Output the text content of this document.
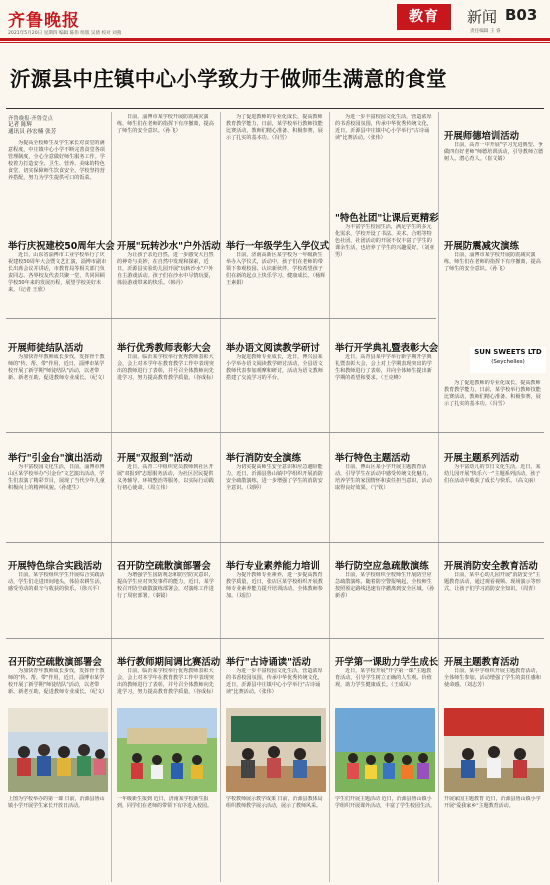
齐鲁晚报
2021年5月20日 星期四 编辑 陈伟 组版 吴倩 校对 刘燕
教育	新闻 B03
责任编辑 王 睿
沂源县中庄镇中心小学致力于做师生满意的食堂
齐鲁晚报·齐鲁壹点
记者 陈辉
通讯员 孙宏楠 张芳
为提高全校师生及学生家长对食堂的满意程度，中庄镇中心小学不断完善食堂各项管理制度，全心全意做好师生服务工作。学校着力打造安全、卫生、营养、美味的特色食堂，切实保障师生饮食安全。学校坚持营养搭配，努力为学生提供可口的饭菜。
举行庆祝建校50周年大会
近日，山东省淄博市工业学校举行了庆祝建校50周年大会暨文艺汇演，淄博市副市长出席会议并讲话，市教育局等相关部门负责同志、各界校友代表共聚一堂，共同回顾学校50年来的发展历程，展望学校美好未来。（记者 王欣）
日前，淄博市某学校开展防震减灾演练，师生们在老师的指挥下有序撤离，提高了师生的安全意识。（孙飞）
开展"玩转沙水"户外活动
为让孩子亲近自然，进一步感受大自然的神奇与美妙，在自然中发现和探索，近日，沂源县实验幼儿园开展"玩转沙水"户外自主游戏活动。孩子们在沙水中尽情玩耍，体验游戏带来的快乐。（韩丹）
为了促进教师的专业化成长，提高教师教育教学能力，日前，某学校举行教师技能比赛活动，教师们精心准备、积极参赛，展示了扎实的基本功。（冯雪）
举行一年级学生入学仪式
日前，济南高新区某学校为一年级新生举办入学仪式，活动中，孩子们在老师的带领下参观校园、认识新伙伴，学校希望孩子们在新的起点上快乐学习、健康成长。（杨辉 王素娟）
为进一步丰富校园文化生活，营造浓厚的书香校园氛围，传承中华优秀传统文化，近日，沂源县中庄镇中心小学举行"古诗诵读"比赛活动。（张伟）
"特色社团"让课后更精彩
为丰富学生校园生活，满足学生的多元化需求，学校开设了书法、美术、合唱等特色社团，社团活动的开展不仅丰富了学生的课余生活，也培养了学生的兴趣爱好。（刘亚男）
开展师德培训活动
日前，高青一中开展"学习先进典型、争做四有好老师"师德培训活动，引导教师立德树人、潜心育人。（崔文婧）
开展防震减灾演练
日前，淄博市某学校开展防震减灾演练，师生们在老师的指挥下有序撤离，提高了师生的安全意识。（孙飞）
SUN SWEETS LTD
(Seychelles)
开展师徒结队活动
为加快青年教师成长步伐，发挥骨干教师的"传、帮、带"作用，近日，淄博市某学校开展了新学期"师徒结队"活动，以老带新、新老互助，促进教师专业成长。（纪文）
举行优秀教师表彰大会
日前，临沂某学校举行优秀教师表彰大会，会上对本学年在教育教学工作中表现突出的教师进行了表彰，并号召全体教师向先进学习，努力提高教育教学质量。（谷成标）
举办语文阅读教学研讨
为促进教师专业成长，近日，博兴县某小学举办语文阅读教学研讨活动，全县语文教师代表参加观摩和研讨，活动为语文教师搭建了交流学习的平台。
举行开学典礼暨表彰大会
近日，高青县某中学举行新学期开学典礼暨表彰大会，会上对上学期表现突出的学生和教师进行了表彰，并向全体师生提出新学期的希望和要求。（王克峰）
为了促进教师的专业化成长，提高教师教育教学能力，日前，某学校举行教师技能比赛活动，教师们精心准备、积极参赛，展示了扎实的基本功。（冯雪）
举行"引金台"演出活动
为丰富校园文化生活，日前，淄博市博山区某学校举办"引金台"文艺演出活动，学生们表演了精彩节目，展现了当代少年儿童积极向上的精神风貌。（孙建生）
开展"双报到"活动
近日，高青二中组织党员教师到社区开展"双报到"志愿服务活动，为社区居民提供义务辅导、环境整治等服务，以实际行动践行初心使命。（周立伟）
举行消防安全演练
为切实提高师生安全意识和应急避险能力，近日，沂源县鲁山镇中学组织开展消防安全疏散演练，进一步增强了学生的消防安全意识。（刘婷）
举行特色主题活动
日前，博山区某小学开展主题教育活动，引导学生在活动中感受传统文化魅力，培养学生的家国情怀和责任担当意识，活动取得良好效果。（宁钦）
开展主题系列活动
为丰富幼儿的节日文化生活，近日，某幼儿园开展"快乐六一"主题系列活动，孩子们在活动中收获了成长与快乐。（高文丽）
开展特色综合实践活动
日前，某学校组织学生开展综合实践活动，学生们走进田间地头，体验农耕生活，感受劳动的艰辛与收获的快乐。（徐兴平）
召开防空疏散演部署会
为增强学生国防观念和防空防灾意识，提高学生应对突发事件的能力，近日，某学校召开防空疏散演练部署会，对演练工作进行了周密部署。（秦镜）
举行专业素养能力培训
为提升教师专业素养，进一步提高教育教学质量，近日，张店区某学校组织开展教师专业素养能力提升培训活动，全体教师参加。（刘洁）
举行防空应急疏散演练
日前，某学校组织全校师生开展防空应急疏散演练，随着防空警报响起，全校师生按照预定路线迅速有序撤离到安全区域。（孙新香）
开展消防安全教育活动
日前，某中心幼儿园开展"消防安全"主题教育活动，通过观看视频、现场演示等形式，让孩子们学习消防安全知识。（周青）
召开防空疏散演部署会
为加快青年教师成长步伐，发挥骨干教师的"传、帮、带"作用，近日，淄博市某学校开展了新学期"师徒结队"活动，以老带新、新老互助，促进教师专业成长。（纪文）
举行教师期间调比赛活动
日前，临沂某学校举行优秀教师表彰大会，会上对本学年在教育教学工作中表现突出的教师进行了表彰，并号召全体教师向先进学习，努力提高教育教学质量。（谷成标）
举行"古诗诵读"活动
为进一步丰富校园文化生活，营造浓厚的书香校园氛围，传承中华优秀传统文化，近日，沂源县中庄镇中心小学举行"古诗诵读"比赛活动。（张伟）
开学第一课助力学生成长
近日，某学校开展"开学第一课"主题教育活动，引导学生树立正确的人生观、价值观，助力学生健康成长。（王成凤）
开展主题教育活动
日前，某中学组织开展主题教育活动，全体师生参加，活动增强了学生的责任感和使命感。（刘志芳）
上图为学校举办的第一课 日前，沂源县鲁山镇小学开展学生家长开放日活动。
一年级新生报到 近日，济南某学校新生报到，同学们在老师的带领下有序进入校园。
学校教师展示教学成果 日前，沂源县教体局组织教师教学展示活动，展示了教师风采。
学生们开展主题活动 近日，沂源县鲁山镇小学组织开展课外活动，丰富了学生校园生活。
开展家国主题教育 近日，沂源县鲁山镇小学开展"爱我家乡"主题教育活动。
